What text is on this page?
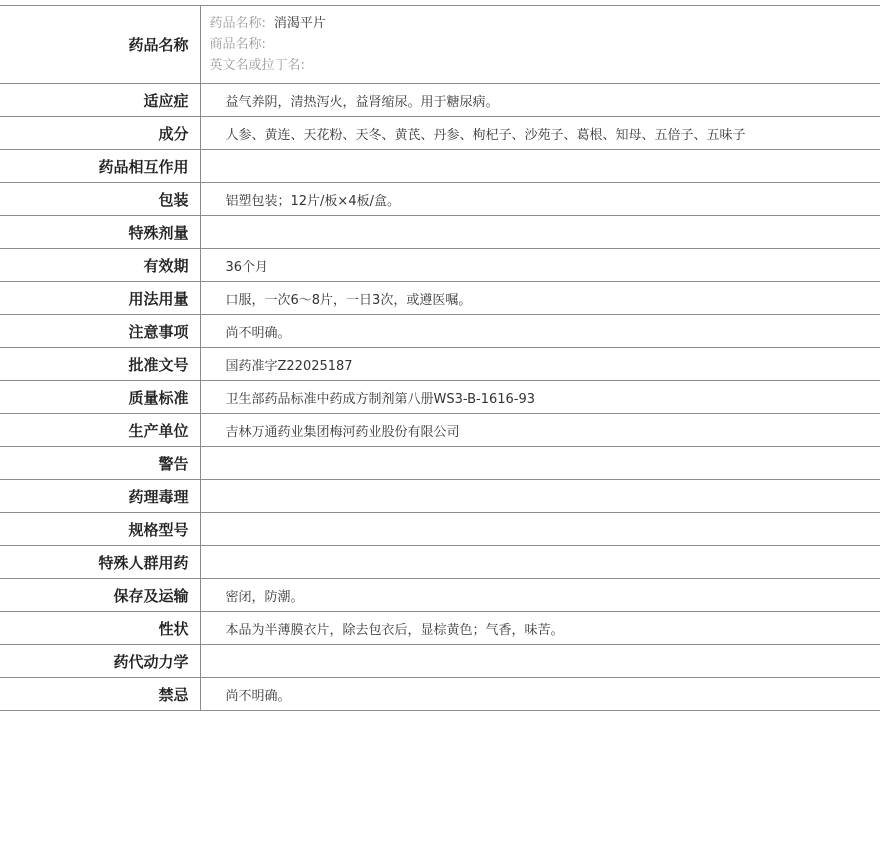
药品名称	药品名称: 消渴平片
商品名称:
英文名或拉丁名:

适应症	益气养阴，清热泻火，益肾缩尿。用于糖尿病。
成分	人参、黄连、天花粉、天冬、黄芪、丹参、枸杞子、沙苑子、葛根、知母、五倍子、五味子
药品相互作用	
包装	铝塑包装；12片/板×4板/盒。
特殊剂量	
有效期	36个月
用法用量	口服，一次6～8片，一日3次，或遵医嘱。
注意事项	尚不明确。
批准文号	国药准字Z22025187
质量标准	卫生部药品标准中药成方制剂第八册WS3-B-1616-93
生产单位	吉林万通药业集团梅河药业股份有限公司
警告	
药理毒理	
规格型号	
特殊人群用药	
保存及运输	密闭，防潮。
性状	本品为半薄膜衣片，除去包衣后，显棕黄色；气香，味苦。
药代动力学	
禁忌	尚不明确。
